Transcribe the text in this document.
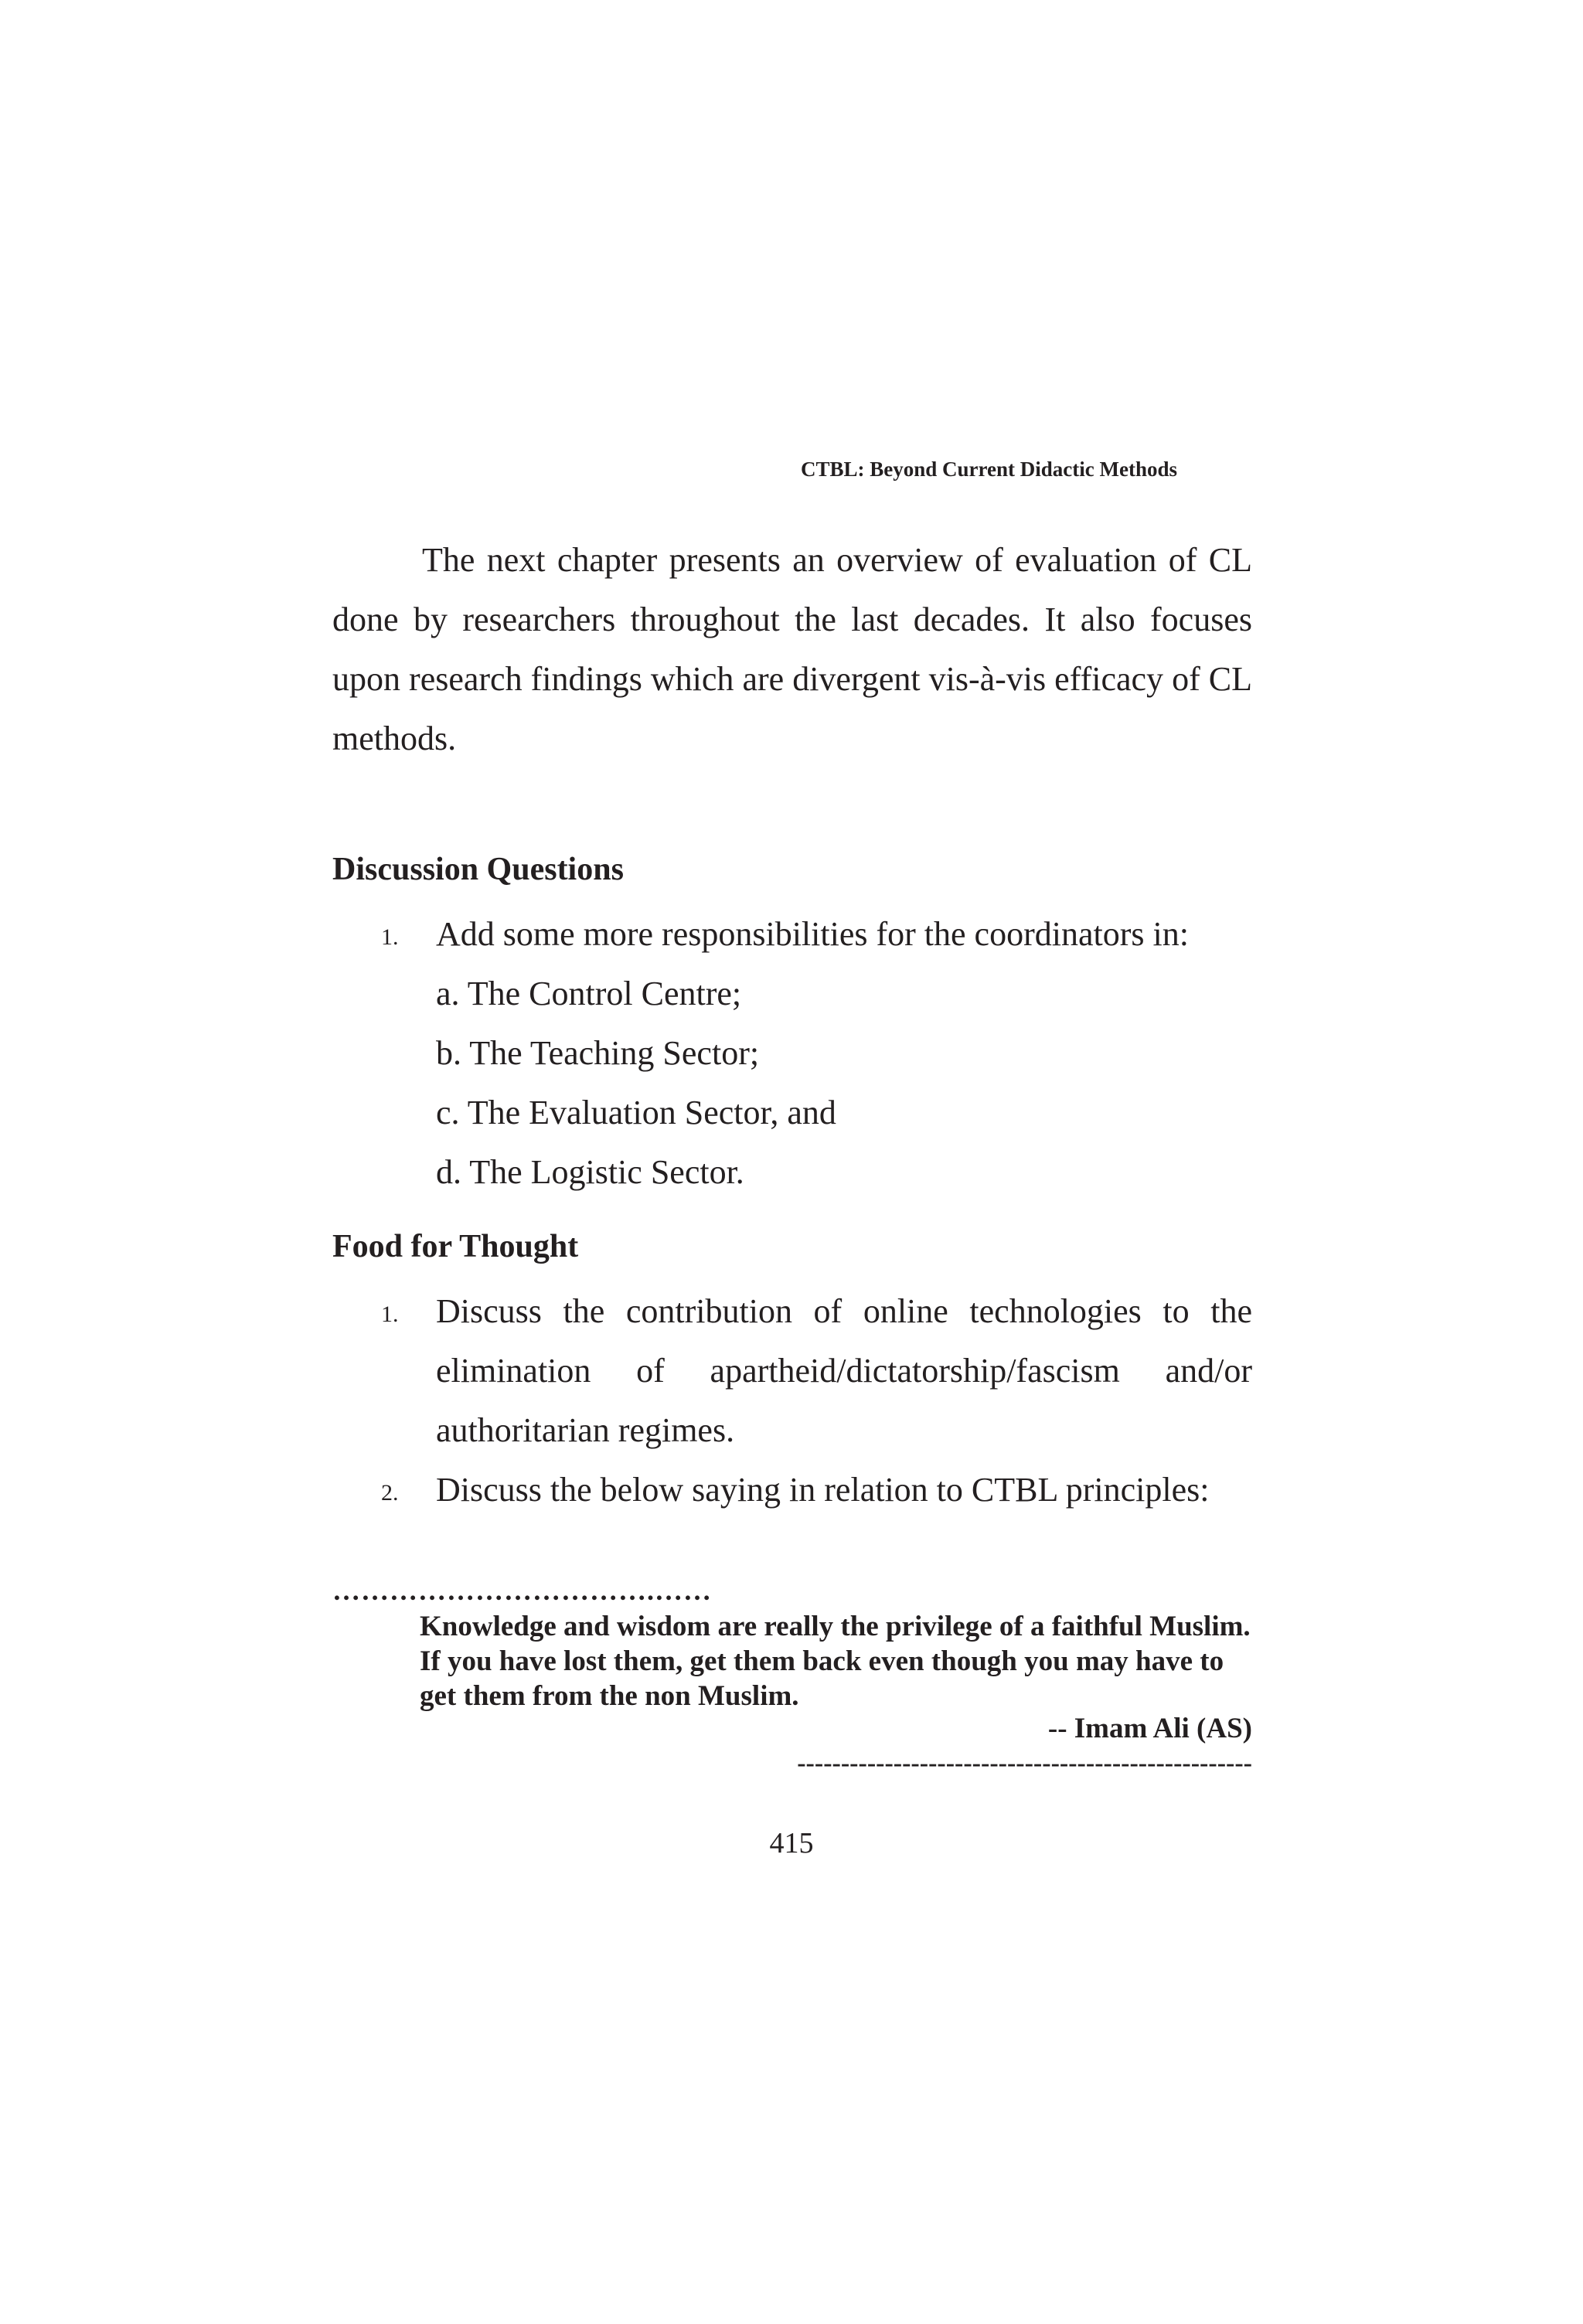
CTBL: Beyond Current Didactic Methods

The next chapter presents an overview of evaluation of CL done by researchers throughout the last decades. It also focuses upon research findings which are divergent vis-à-vis efficacy of CL methods.

Discussion Questions
1. Add some more responsibilities for the coordinators in:
a. The Control Centre;
b. The Teaching Sector;
c. The Evaluation Sector, and
d. The Logistic Sector.
Food for Thought
1. Discuss the contribution of online technologies to the elimination of apartheid/dictatorship/fascism and/or authoritarian regimes.
2. Discuss the below saying in relation to CTBL principles:
…………………………….……

Knowledge and wisdom are really the privilege of a faithful Muslim. If you have lost them, get them back even though you may have to get them from the non Muslim.

-- Imam Ali (AS)
----------------------------------------------------
415
